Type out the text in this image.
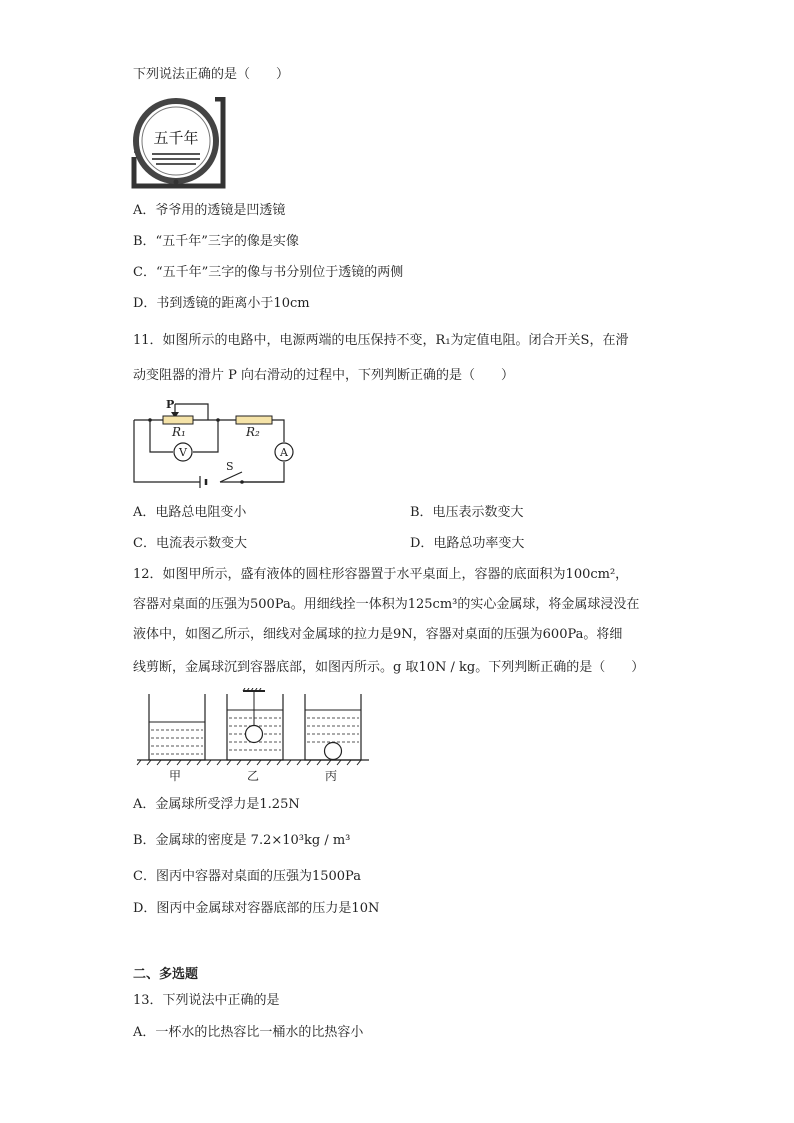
下列说法正确的是（　　）
五千年
A．爷爷用的透镜是凹透镜
B．“五千年”三字的像是实像
C．“五千年”三字的像与书分别位于透镜的两侧
D．书到透镜的距离小于10cm
11．如图所示的电路中，电源两端的电压保持不变，R₁为定值电阻。闭合开关S，在滑
动变阻器的滑片 P 向右滑动的过程中，下列判断正确的是（　　）
P
R₁	R₂
V	A
S
A．电路总电阻变小	B．电压表示数变大
C．电流表示数变大	D．电路总功率变大
12．如图甲所示，盛有液体的圆柱形容器置于水平桌面上，容器的底面积为100cm²，
容器对桌面的压强为500Pa。用细线拴一体积为125cm³的实心金属球，将金属球浸没在
液体中，如图乙所示，细线对金属球的拉力是9N，容器对桌面的压强为600Pa。将细
线剪断，金属球沉到容器底部，如图丙所示。g 取10N / kg。下列判断正确的是（　　）
甲	乙	丙
A．金属球所受浮力是1.25N
B．金属球的密度是 7.2×10³kg / m³
C．图丙中容器对桌面的压强为1500Pa
D．图丙中金属球对容器底部的压力是10N
二、多选题
13．下列说法中正确的是
A．一杯水的比热容比一桶水的比热容小
